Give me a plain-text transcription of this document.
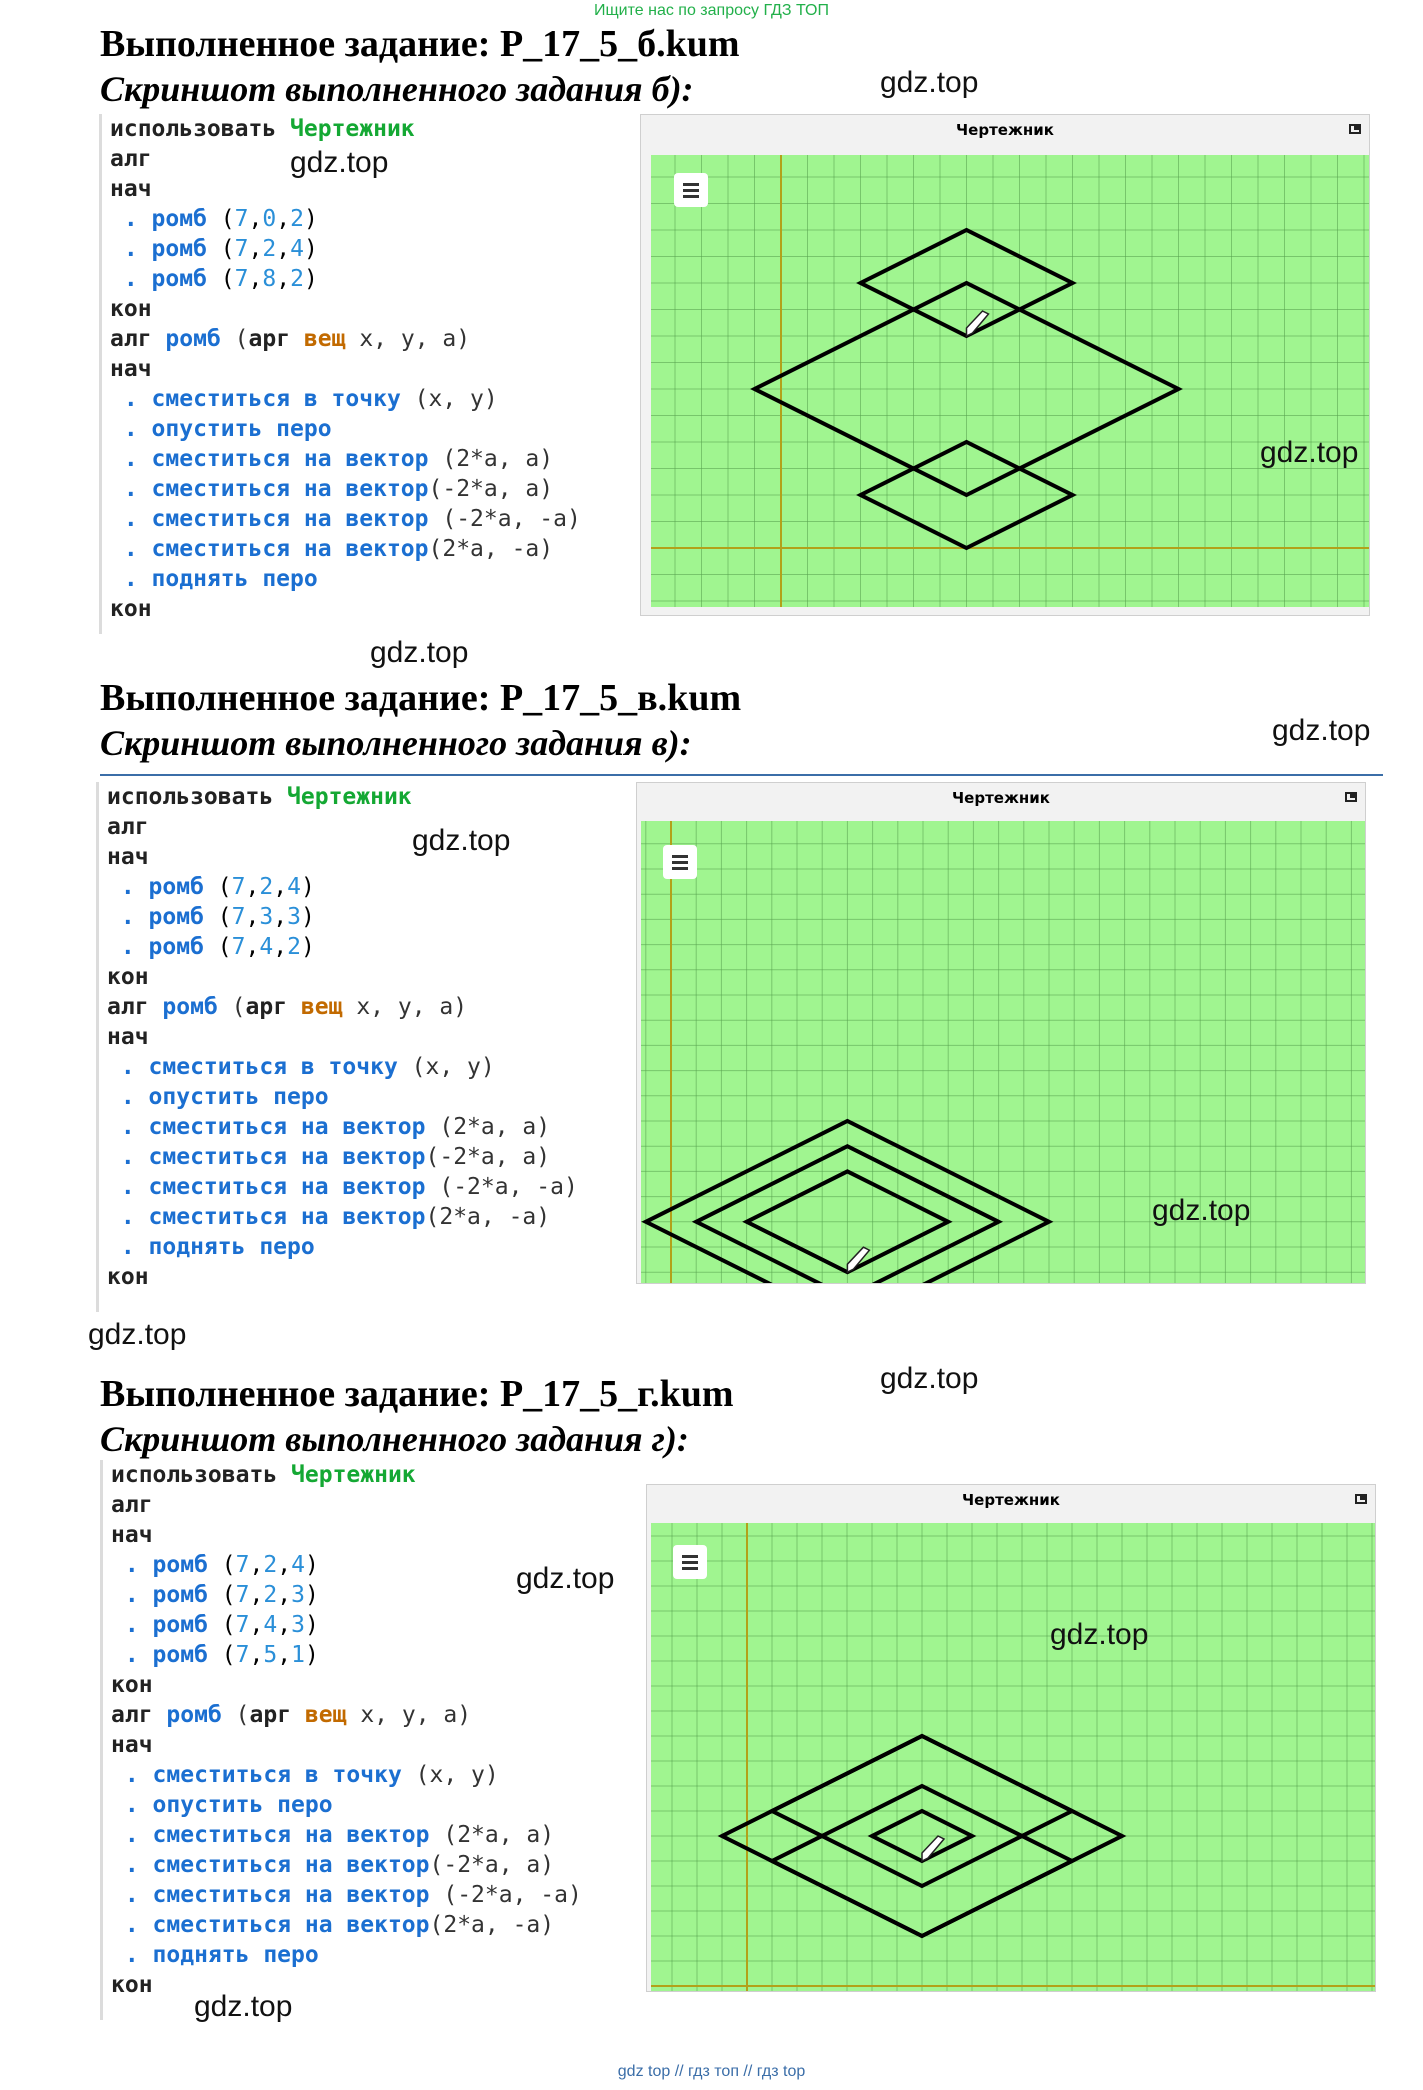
Ищите нас по запросу ГДЗ ТОП
Выполненное задание: Р_17_5_б.kum
Скриншот выполненного задания б):	gdz.top
использовать Чертежник
алг
нач
. ромб (7,0,2)
. ромб (7,2,4)
. ромб (7,8,2)
кон
алг ромб (арг вещ x, y, a)
нач
. сместиться в точку (x, y)
. опустить перо
. сместиться на вектор (2*a, a)
. сместиться на вектор(-2*a, a)
. сместиться на вектор (-2*a, -a)
. сместиться на вектор(2*a, -a)
. поднять перо
кон
gdz.top
Чертежник
gdz.top
gdz.top
Выполненное задание: Р_17_5_в.kum
Скриншот выполненного задания в):	gdz.top
использовать Чертежник
алг
нач
. ромб (7,2,4)
. ромб (7,3,3)
. ромб (7,4,2)
кон
алг ромб (арг вещ x, y, a)
нач
. сместиться в точку (x, y)
. опустить перо
. сместиться на вектор (2*a, a)
. сместиться на вектор(-2*a, a)
. сместиться на вектор (-2*a, -a)
. сместиться на вектор(2*a, -a)
. поднять перо
кон
gdz.top
Чертежник
gdz.top
gdz.top
Выполненное задание: Р_17_5_г.kum	gdz.top
Скриншот выполненного задания г):
использовать Чертежник
алг
нач
. ромб (7,2,4)
. ромб (7,2,3)
. ромб (7,4,3)
. ромб (7,5,1)
кон
алг ромб (арг вещ x, y, a)
нач
. сместиться в точку (x, y)
. опустить перо
. сместиться на вектор (2*a, a)
. сместиться на вектор(-2*a, a)
. сместиться на вектор (-2*a, -a)
. сместиться на вектор(2*a, -a)
. поднять перо
кон
gdz.top
Чертежник
gdz.top
gdz.top
gdz top // гдз топ // гдз top
